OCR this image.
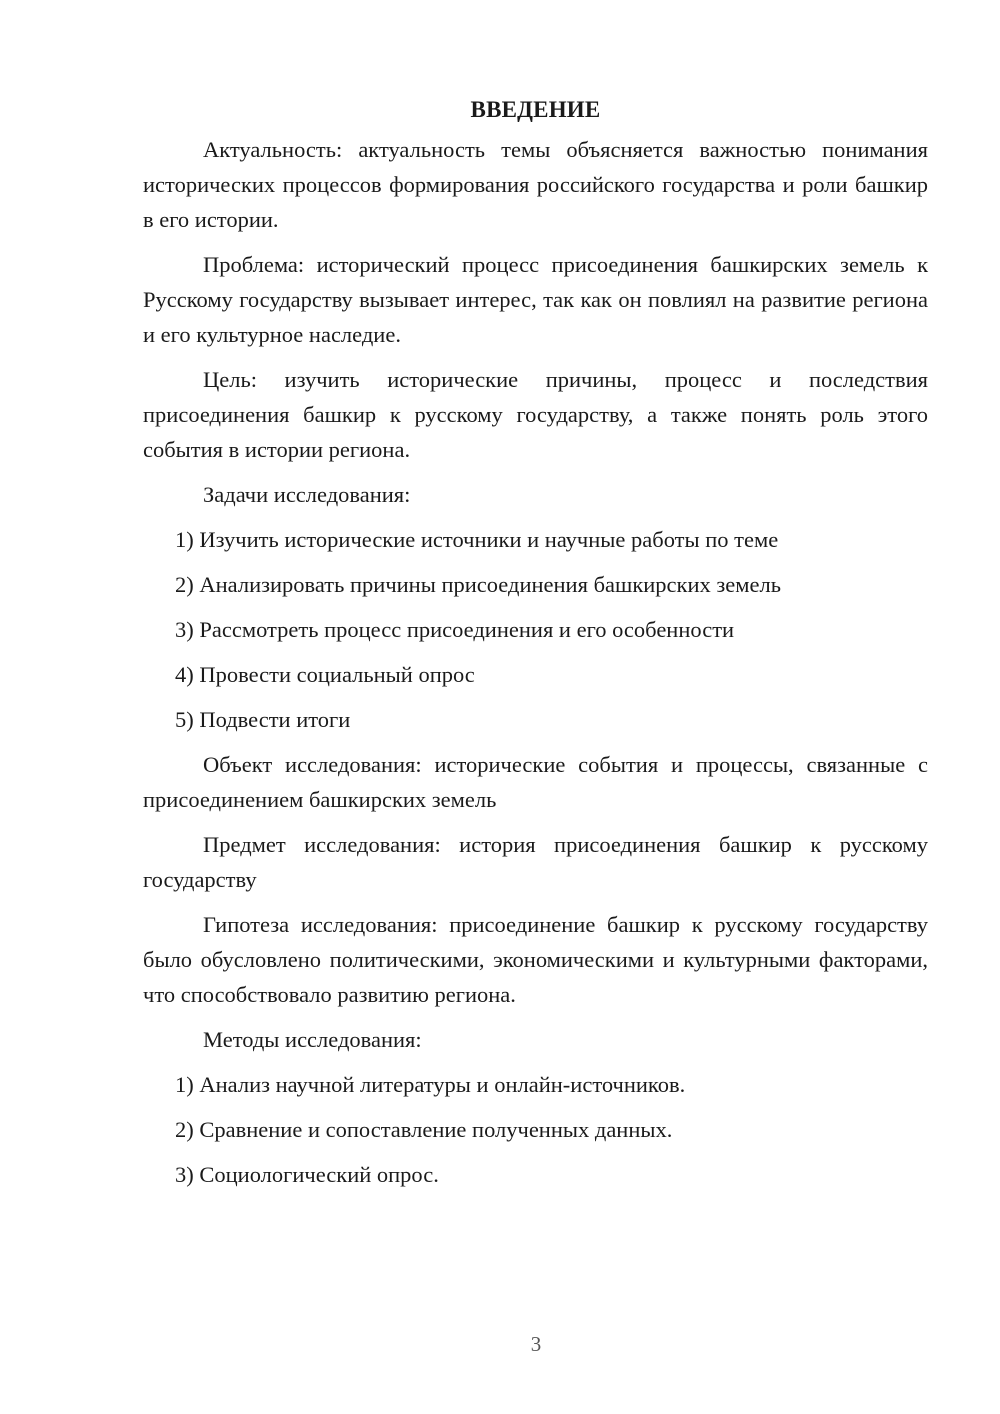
ВВЕДЕНИЕ

Актуальность: актуальность темы объясняется важностью понимания исторических процессов формирования российского государства и роли башкир в его истории.

Проблема: исторический процесс присоединения башкирских земель к Русскому государству вызывает интерес, так как он повлиял на развитие региона и его культурное наследие.

Цель: изучить исторические причины, процесс и последствия присоединения башкир к русскому государству, а также понять роль этого события в истории региона.

Задачи исследования:

1) Изучить исторические источники и научные работы по теме
2) Анализировать причины присоединения башкирских земель
3) Рассмотреть процесс присоединения и его особенности
4) Провести социальный опрос
5) Подвести итоги

Объект исследования: исторические события и процессы, связанные с присоединением башкирских земель

Предмет исследования: история присоединения башкир к русскому государству

Гипотеза исследования: присоединение башкир к русскому государству было обусловлено политическими, экономическими и культурными факторами, что способствовало развитию региона.

Методы исследования:

1) Анализ научной литературы и онлайн-источников.
2) Сравнение и сопоставление полученных данных.
3) Социологический опрос.
3
